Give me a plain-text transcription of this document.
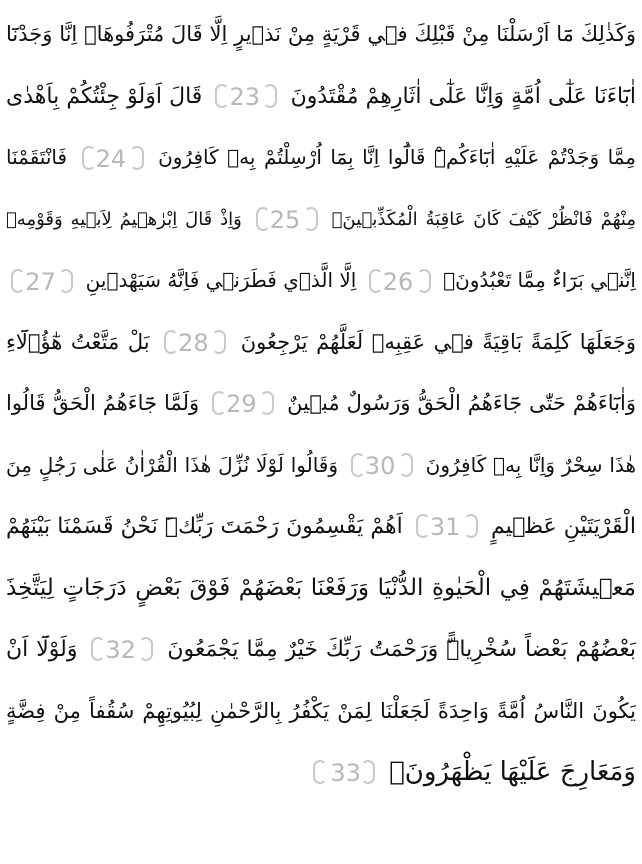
وَكَذٰلِكَ مَٓا اَرْسَلْنَا مِنْ قَبْلِكَ ف۪ي قَرْيَةٍ مِنْ نَذ۪يرٍ اِلَّا قَالَ مُتْرَفُوهَاۙ اِنَّا وَجَدْنَٓا
اٰبَٓاءَنَا عَلٰٓى اُمَّةٍ وَاِنَّا عَلٰٓى اٰثَارِهِمْ مُقْتَدُونَ 23 قَالَ اَوَلَوْ جِئْتُكُمْ بِاَهْدٰى
مِمَّا وَجَدْتُمْ عَلَيْهِ اٰبَٓاءَكُمْۜ قَالُٓوا اِنَّا بِمَٓا اُرْسِلْتُمْ بِه۪ كَافِرُونَ 24 فَانْتَقَمْنَا
مِنْهُمْ فَانْظُرْ كَيْفَ كَانَ عَاقِبَةُ الْمُكَذِّب۪ينَ۟ 25 وَاِذْ قَالَ اِبْرٰه۪يمُ لِاَب۪يهِ وَقَوْمِه۪
اِنَّن۪ي بَرَٓاءٌ مِمَّا تَعْبُدُونَۙ 26 اِلَّا الَّذ۪ي فَطَرَن۪ي فَاِنَّهُ سَيَهْد۪ينِ 27
وَجَعَلَهَا كَلِمَةً بَاقِيَةً ف۪ي عَقِبِه۪ لَعَلَّهُمْ يَرْجِعُونَ 28 بَلْ مَتَّعْتُ هٰٓؤُ۬لَٓاءِ
وَاٰبَٓاءَهُمْ حَتّٰى جَٓاءَهُمُ الْحَقُّ وَرَسُولٌ مُب۪ينٌ 29 وَلَمَّا جَٓاءَهُمُ الْحَقُّ قَالُوا
هٰذَا سِحْرٌ وَاِنَّا بِه۪ كَافِرُونَ 30 وَقَالُوا لَوْلَا نُزِّلَ هٰذَا الْقُرْاٰنُ عَلٰى رَجُلٍ مِنَ
الْقَرْيَتَيْنِ عَظ۪يمٍ 31 اَهُمْ يَقْسِمُونَ رَحْمَتَ رَبِّكَۜ نَحْنُ قَسَمْنَا بَيْنَهُمْ
مَع۪يشَتَهُمْ فِي الْحَيٰوةِ الدُّنْيَا وَرَفَعْنَا بَعْضَهُمْ فَوْقَ بَعْضٍ دَرَجَاتٍ لِيَتَّخِذَ
بَعْضُهُمْ بَعْضاً سُخْرِياًّۜ وَرَحْمَتُ رَبِّكَ خَيْرٌ مِمَّا يَجْمَعُونَ 32 وَلَوْلَٓا اَنْ
يَكُونَ النَّاسُ اُمَّةً وَاحِدَةً لَجَعَلْنَا لِمَنْ يَكْفُرُ بِالرَّحْمٰنِ لِبُيُوتِهِمْ سُقُفاً مِنْ فِضَّةٍ
وَمَعَارِجَ عَلَيْهَا يَظْهَرُونَۙ 33
